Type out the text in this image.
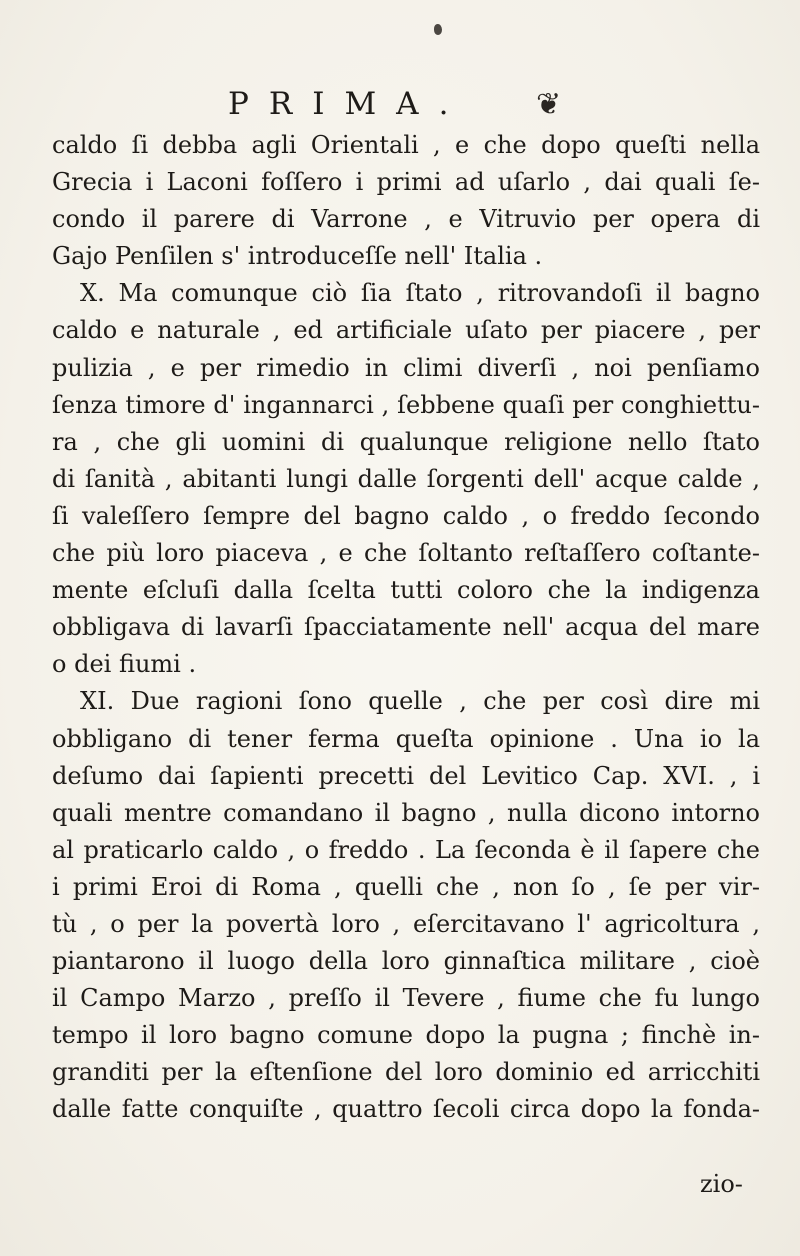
PRIMA. ❦
caldo ſi debba agli Orientali , e che dopo queſti nella
Grecia i Laconi foſſero i primi ad uſarlo , dai quali ſe-
condo il parere di Varrone , e Vitruvio per opera di
Gajo Penſilen s' introduceſſe nell' Italia .
X. Ma comunque ciò ſia ſtato , ritrovandoſi il bagno
caldo e naturale , ed artificiale uſato per piacere , per
pulizia , e per rimedio in climi diverſi , noi penſiamo
ſenza timore d' ingannarci , ſebbene quaſi per conghiettu-
ra , che gli uomini di qualunque religione nello ſtato
di ſanità , abitanti lungi dalle ſorgenti dell' acque calde ,
ſi valeſſero ſempre del bagno caldo , o freddo ſecondo
che più loro piaceva , e che ſoltanto reſtaſſero coſtante-
mente eſcluſi dalla ſcelta tutti coloro che la indigenza
obbligava di lavarſi ſpacciatamente nell' acqua del mare
o dei fiumi .
XI. Due ragioni ſono quelle , che per così dire mi
obbligano di tener ferma queſta opinione . Una io la
deſumo dai ſapienti precetti del Levitico Cap. XVI. , i
quali mentre comandano il bagno , nulla dicono intorno
al praticarlo caldo , o freddo . La ſeconda è il ſapere che
i primi Eroi di Roma , quelli che , non ſo , ſe per vir-
tù , o per la povertà loro , eſercitavano l' agricoltura ,
piantarono il luogo della loro ginnaſtica militare , cioè
il Campo Marzo , preſſo il Tevere , fiume che fu lungo
tempo il loro bagno comune dopo la pugna ; finchè in-
granditi per la eſtenſione del loro dominio ed arricchiti
dalle fatte conquiſte , quattro ſecoli circa dopo la fonda-
zio-
